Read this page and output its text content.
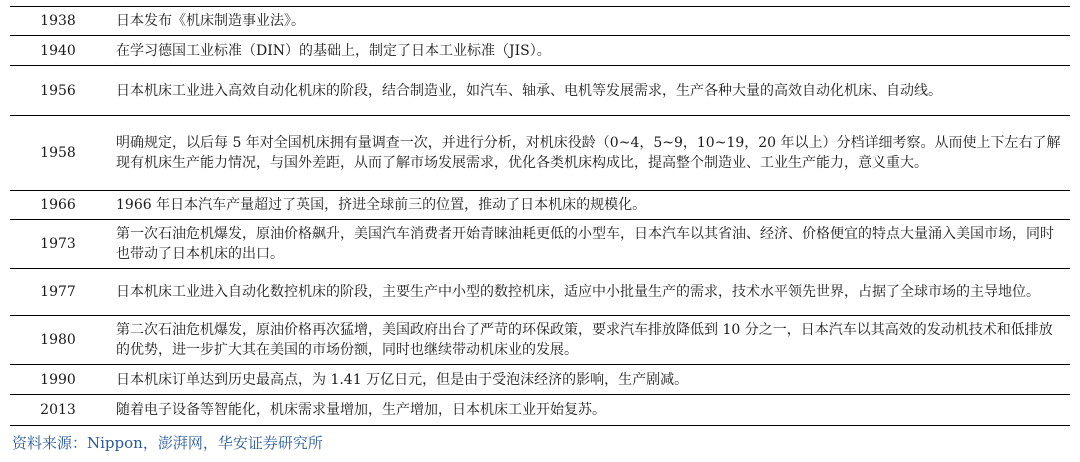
1938	日本发布《机床制造事业法》。
1940	在学习德国工业标准（DIN）的基础上，制定了日本工业标准（JIS）。
1956	日本机床工业进入高效自动化机床的阶段，结合制造业，如汽车、轴承、电机等发展需求，生产各种大量的高效自动化机床、自动线。
1958	明确规定，以后每 5 年对全国机床拥有量调查一次，并进行分析，对机床役龄（0~4，5~9，10~19，20 年以上）分档详细考察。从而使上下左右了解现有机床生产能力情况，与国外差距，从而了解市场发展需求，优化各类机床构成比，提高整个制造业、工业生产能力，意义重大。
1966	1966 年日本汽车产量超过了英国，挤进全球前三的位置，推动了日本机床的规模化。
1973	第一次石油危机爆发，原油价格飙升，美国汽车消费者开始青睐油耗更低的小型车，日本汽车以其省油、经济、价格便宜的特点大量涌入美国市场，同时也带动了日本机床的出口。
1977	日本机床工业进入自动化数控机床的阶段，主要生产中小型的数控机床，适应中小批量生产的需求，技术水平领先世界，占据了全球市场的主导地位。
1980	第二次石油危机爆发，原油价格再次猛增，美国政府出台了严苛的环保政策，要求汽车排放降低到 10 分之一，日本汽车以其高效的发动机技术和低排放的优势，进一步扩大其在美国的市场份额，同时也继续带动机床业的发展。
1990	日本机床订单达到历史最高点，为 1.41 万亿日元，但是由于受泡沫经济的影响，生产剧减。
2013	随着电子设备等智能化，机床需求量增加，生产增加，日本机床工业开始复苏。
资料来源：Nippon，澎湃网，华安证券研究所
